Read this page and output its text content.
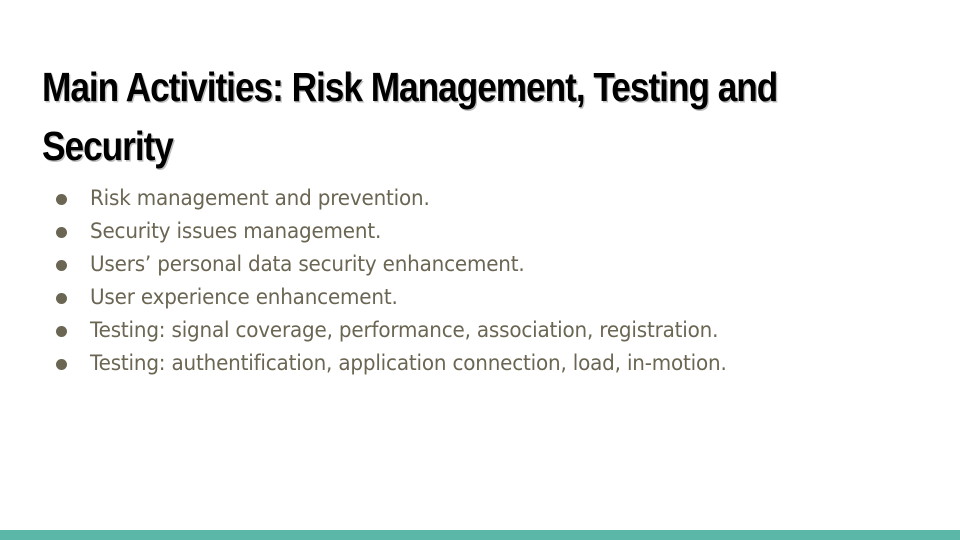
Main Activities: Risk Management, Testing and Security
Risk management and prevention.
Security issues management.
Users’ personal data security enhancement.
User experience enhancement.
Testing: signal coverage, performance, association, registration.
Testing: authentification, application connection, load, in-motion.
